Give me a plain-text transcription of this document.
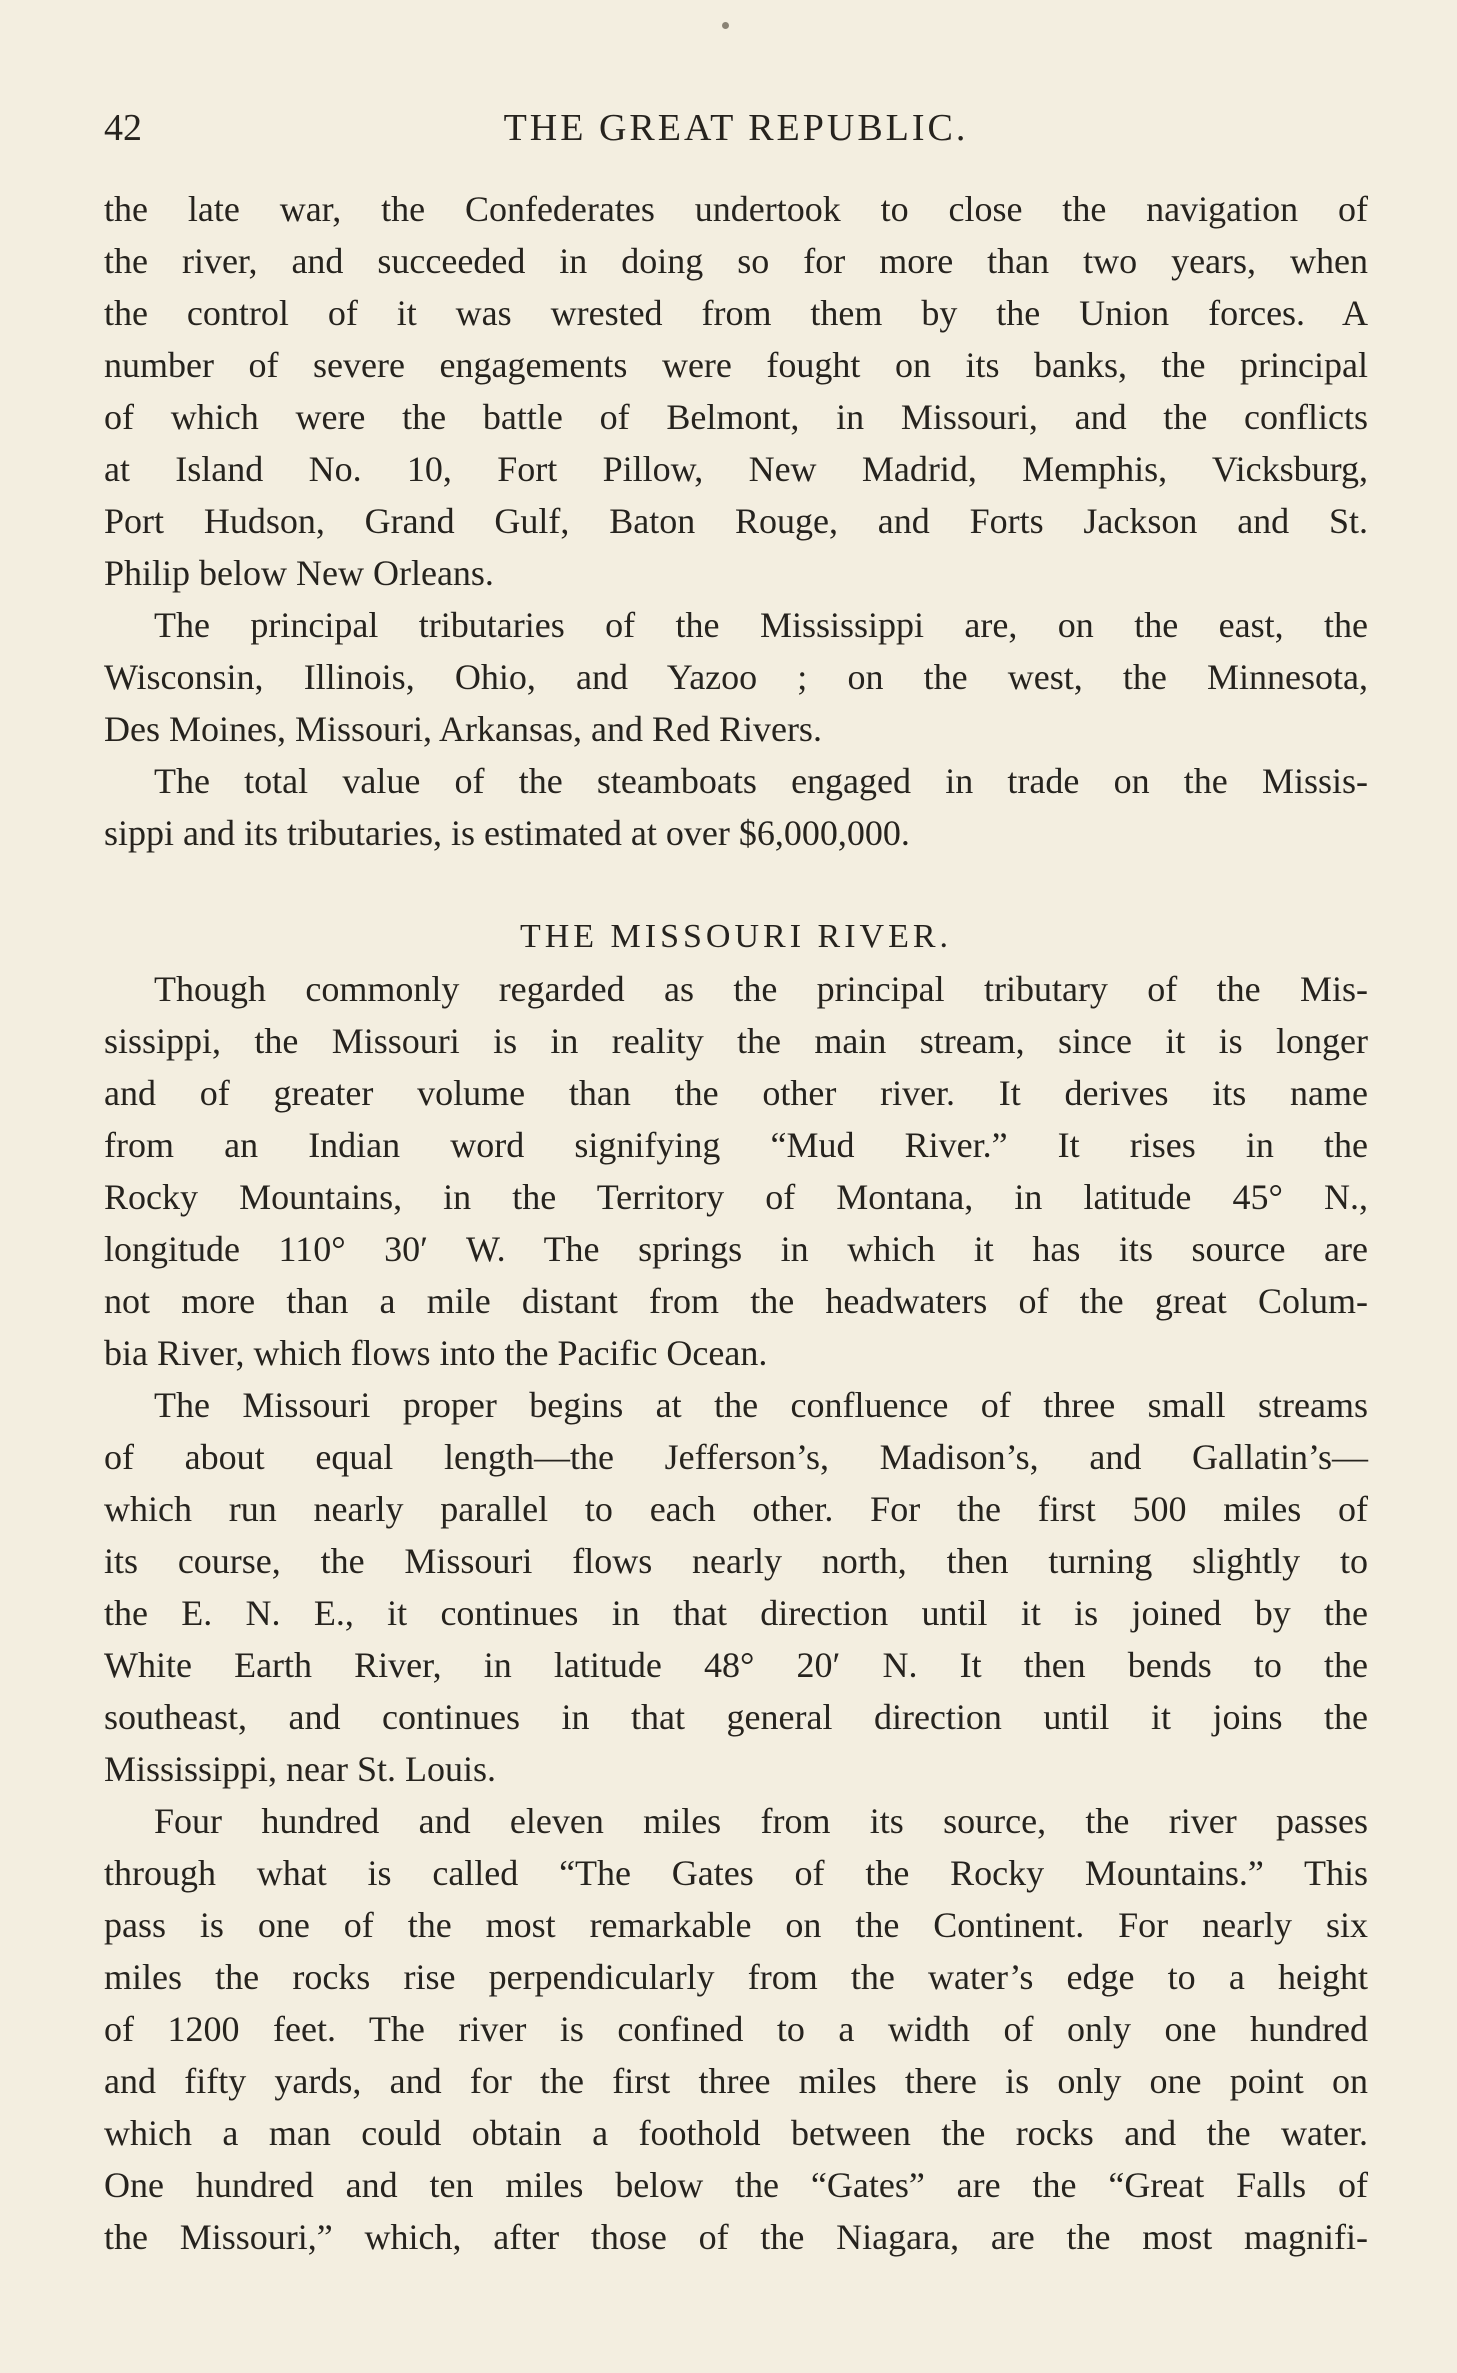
42	THE GREAT REPUBLIC.

the late war, the Confederates undertook to close the navigation of

the river, and succeeded in doing so for more than two years, when

the control of it was wrested from them by the Union forces. A

number of severe engagements were fought on its banks, the principal

of which were the battle of Belmont, in Missouri, and the conflicts

at Island No. 10, Fort Pillow, New Madrid, Memphis, Vicksburg,

Port Hudson, Grand Gulf, Baton Rouge, and Forts Jackson and St.

Philip below New Orleans.

The principal tributaries of the Mississippi are, on the east, the

Wisconsin, Illinois, Ohio, and Yazoo ; on the west, the Minnesota,

Des Moines, Missouri, Arkansas, and Red Rivers.

The total value of the steamboats engaged in trade on the Missis-

sippi and its tributaries, is estimated at over $6,000,000.

THE MISSOURI RIVER.

Though commonly regarded as the principal tributary of the Mis-

sissippi, the Missouri is in reality the main stream, since it is longer

and of greater volume than the other river. It derives its name

from an Indian word signifying “Mud River.” It rises in the

Rocky Mountains, in the Territory of Montana, in latitude 45° N.,

longitude 110° 30′ W. The springs in which it has its source are

not more than a mile distant from the headwaters of the great Colum-

bia River, which flows into the Pacific Ocean.

The Missouri proper begins at the confluence of three small streams

of about equal length—the Jefferson’s, Madison’s, and Gallatin’s—

which run nearly parallel to each other. For the first 500 miles of

its course, the Missouri flows nearly north, then turning slightly to

the E. N. E., it continues in that direction until it is joined by the

White Earth River, in latitude 48° 20′ N. It then bends to the

southeast, and continues in that general direction until it joins the

Mississippi, near St. Louis.

Four hundred and eleven miles from its source, the river passes

through what is called “The Gates of the Rocky Mountains.” This

pass is one of the most remarkable on the Continent. For nearly six

miles the rocks rise perpendicularly from the water’s edge to a height

of 1200 feet. The river is confined to a width of only one hundred

and fifty yards, and for the first three miles there is only one point on

which a man could obtain a foothold between the rocks and the water.

One hundred and ten miles below the “Gates” are the “Great Falls of

the Missouri,” which, after those of the Niagara, are the most magnifi-
